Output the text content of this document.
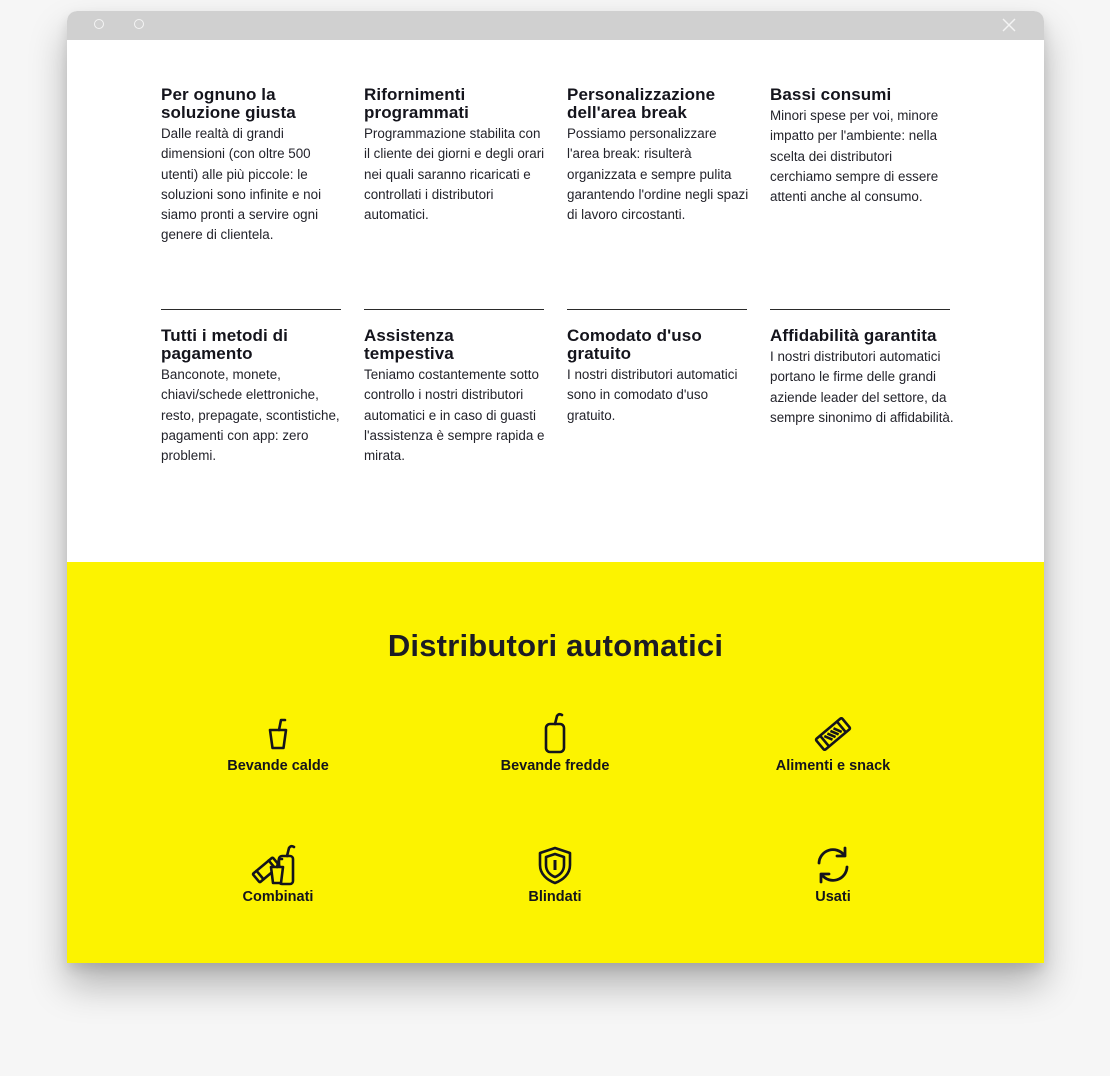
Per ognuno la soluzione giusta

Dalle realtà di grandi dimensioni (con oltre 500 utenti) alle più piccole: le soluzioni sono infinite e noi siamo pronti a servire ogni genere di clientela.

Rifornimenti programmati

Programmazione stabilita con il cliente dei giorni e degli orari nei quali saranno ricaricati e controllati i distributori automatici.

Personalizzazione dell'area break

Possiamo personalizzare l'area break: risulterà organizzata e sempre pulita garantendo l'ordine negli spazi di lavoro circostanti.

Bassi consumi

Minori spese per voi, minore impatto per l'ambiente: nella scelta dei distributori cerchiamo sempre di essere attenti anche al consumo.

Tutti i metodi di pagamento

Banconote, monete, chiavi/schede elettroniche, resto, prepagate, scontistiche, pagamenti con app: zero problemi.

Assistenza tempestiva

Teniamo costantemente sotto controllo i nostri distributori automatici e in caso di guasti l'assistenza è sempre rapida e mirata.

Comodato d'uso gratuito

I nostri distributori automatici sono in comodato d'uso gratuito.

Affidabilità garantita

I nostri distributori automatici portano le firme delle grandi aziende leader del settore, da sempre sinonimo di affidabilità.

Distributori automatici
Bevande calde	Bevande fredde	Alimenti e snack
Combinati	Blindati	Usati
